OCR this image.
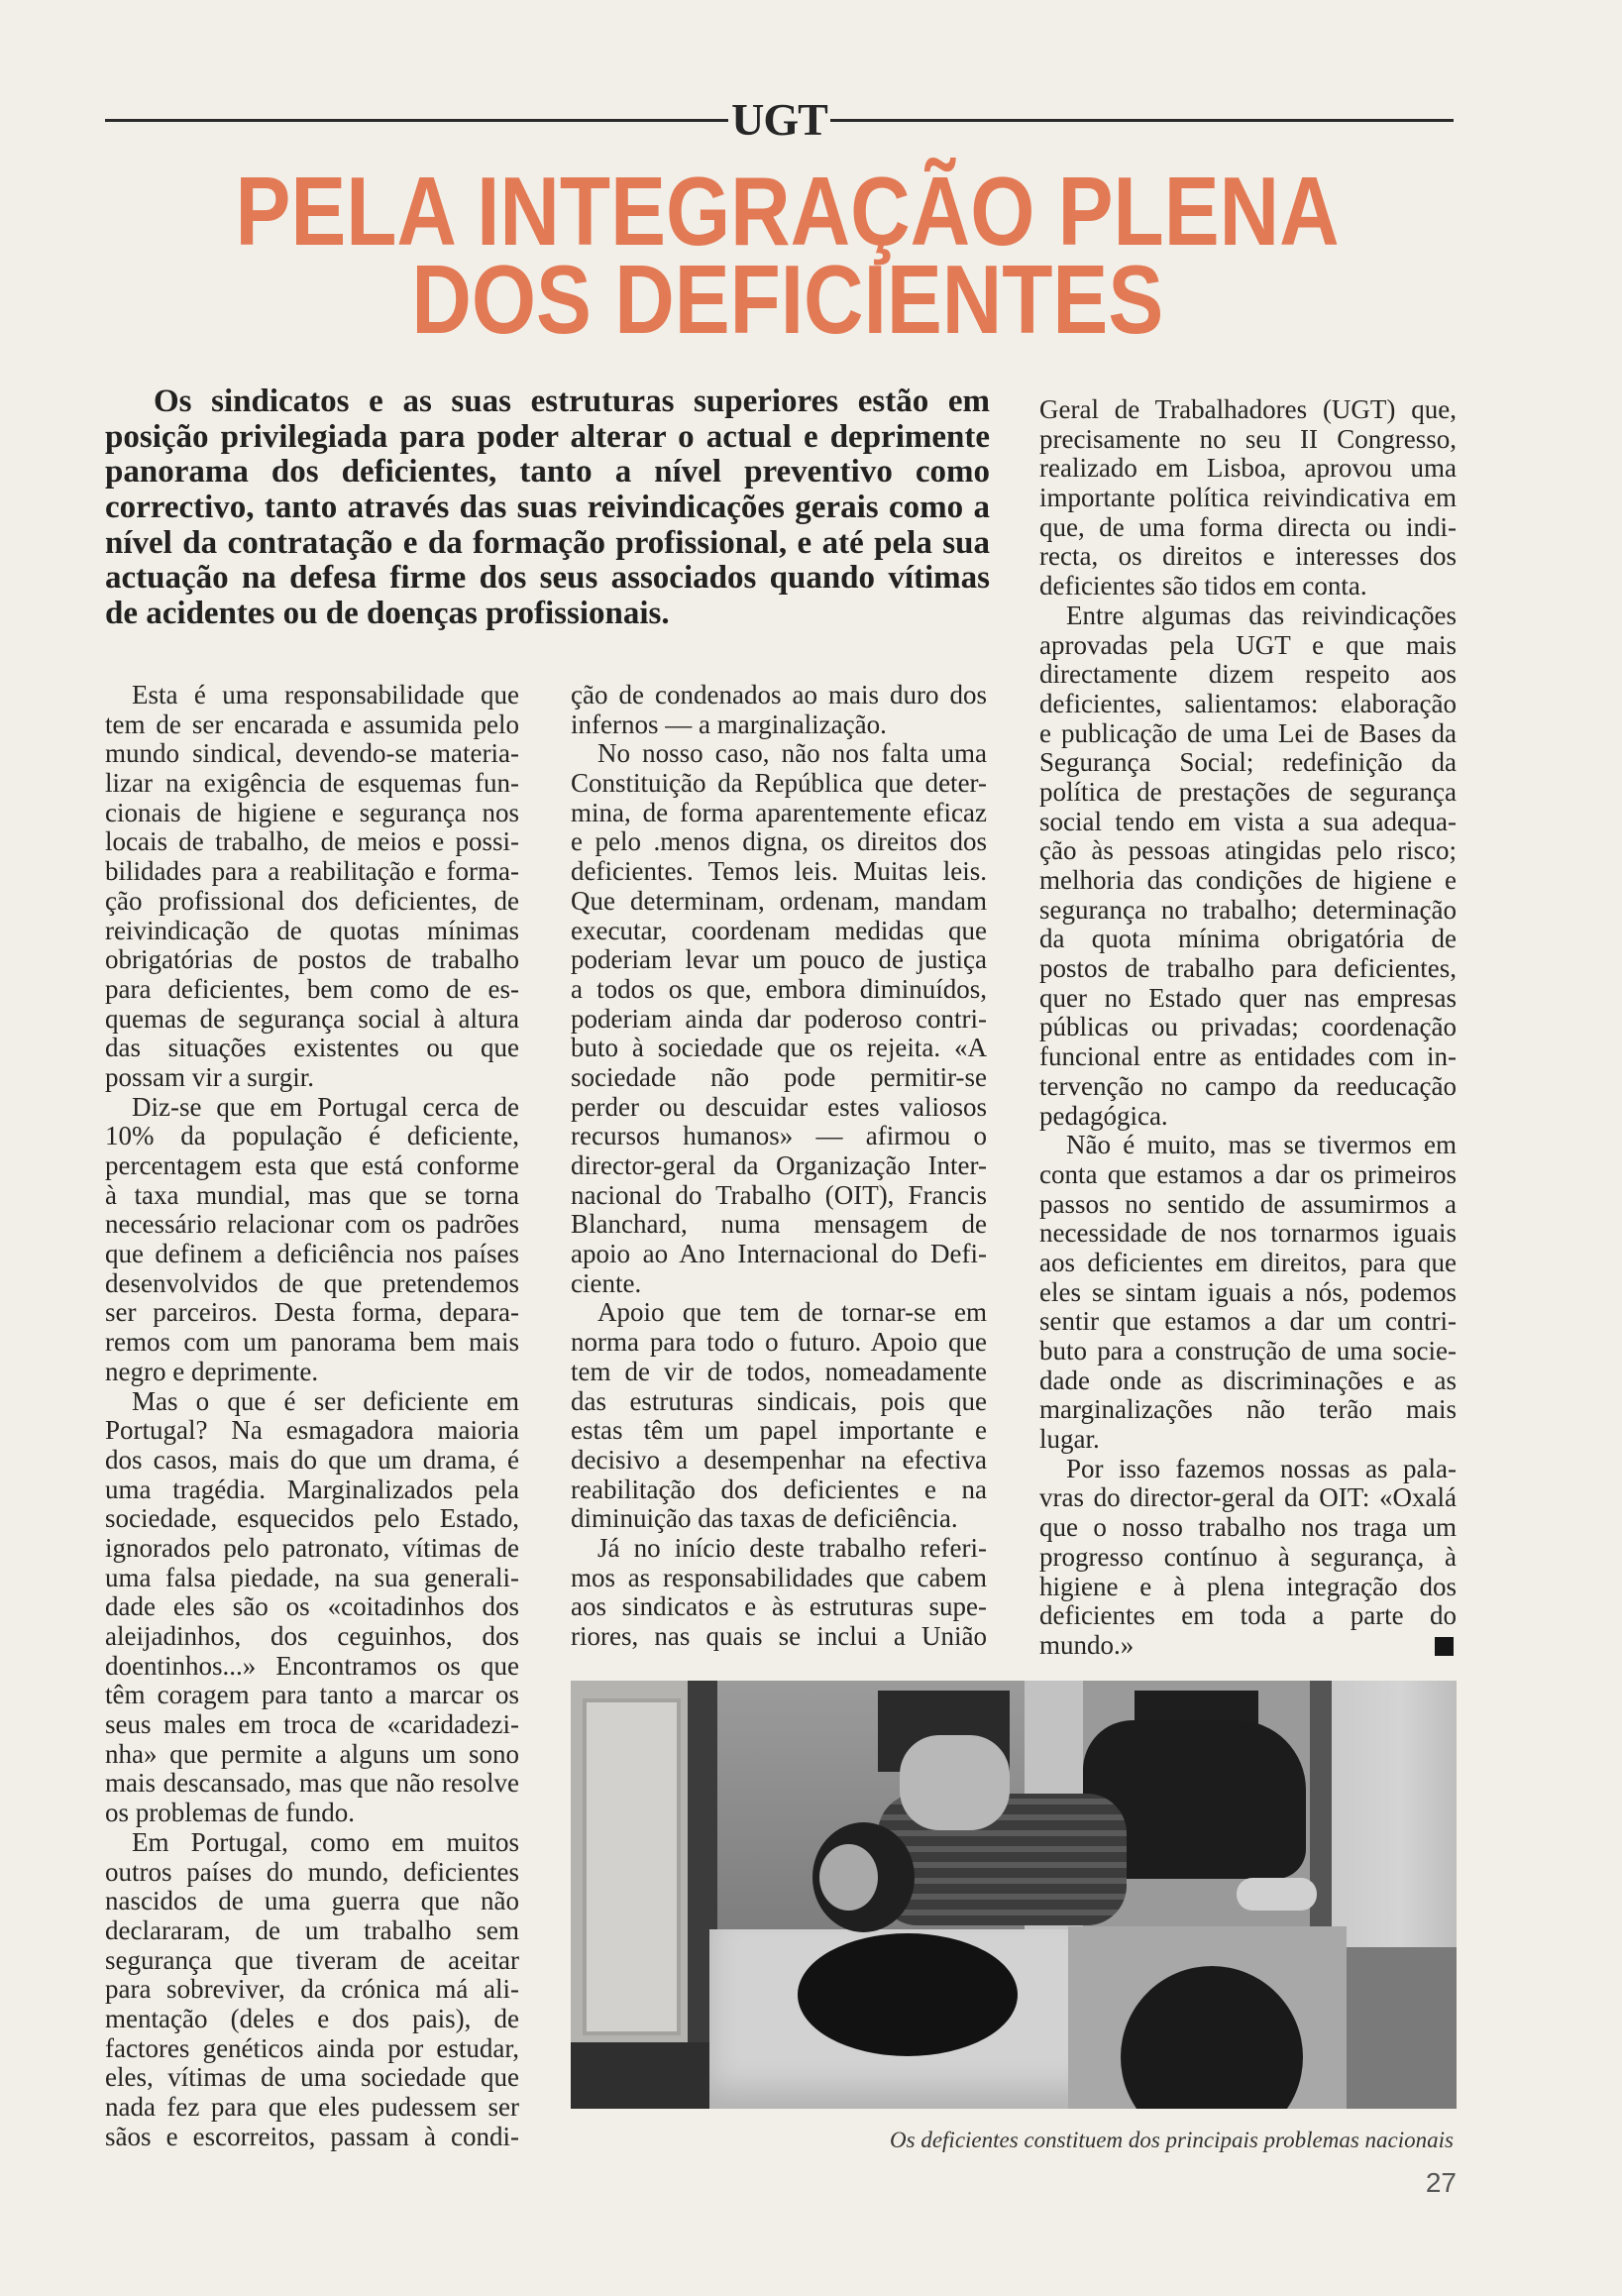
UGT
PELA INTEGRAÇÃO PLENA
DOS DEFICIENTES
Os sindicatos e as suas estruturas superiores estão em
posição privilegiada para poder alterar o actual e deprimente
panorama dos deficientes, tanto a nível preventivo como
correctivo, tanto através das suas reivindicações gerais como a
nível da contratação e da formação profissional, e até pela sua
actuação na defesa firme dos seus associados quando vítimas
de acidentes ou de doenças profissionais.
Esta é uma responsabilidade que
tem de ser encarada e assumida pelo
mundo sindical, devendo-se materia-
lizar na exigência de esquemas fun-
cionais de higiene e segurança nos
locais de trabalho, de meios e possi-
bilidades para a reabilitação e forma-
ção profissional dos deficientes, de
reivindicação de quotas mínimas
obrigatórias de postos de trabalho
para deficientes, bem como de es-
quemas de segurança social à altura
das situações existentes ou que
possam vir a surgir.
Diz-se que em Portugal cerca de
10% da população é deficiente,
percentagem esta que está conforme
à taxa mundial, mas que se torna
necessário relacionar com os padrões
que definem a deficiência nos países
desenvolvidos de que pretendemos
ser parceiros. Desta forma, depara-
remos com um panorama bem mais
negro e deprimente.
Mas o que é ser deficiente em
Portugal? Na esmagadora maioria
dos casos, mais do que um drama, é
uma tragédia. Marginalizados pela
sociedade, esquecidos pelo Estado,
ignorados pelo patronato, vítimas de
uma falsa piedade, na sua generali-
dade eles são os «coitadinhos dos
aleijadinhos, dos ceguinhos, dos
doentinhos...» Encontramos os que
têm coragem para tanto a marcar os
seus males em troca de «caridadezi-
nha» que permite a alguns um sono
mais descansado, mas que não resolve
os problemas de fundo.
Em Portugal, como em muitos
outros países do mundo, deficientes
nascidos de uma guerra que não
declararam, de um trabalho sem
segurança que tiveram de aceitar
para sobreviver, da crónica má ali-
mentação (deles e dos pais), de
factores genéticos ainda por estudar,
eles, vítimas de uma sociedade que
nada fez para que eles pudessem ser
sãos e escorreitos, passam à condi-
ção de condenados ao mais duro dos
infernos — a marginalização.
No nosso caso, não nos falta uma
Constituição da República que deter-
mina, de forma aparentemente eficaz
e pelo .menos digna, os direitos dos
deficientes. Temos leis. Muitas leis.
Que determinam, ordenam, mandam
executar, coordenam medidas que
poderiam levar um pouco de justiça
a todos os que, embora diminuídos,
poderiam ainda dar poderoso contri-
buto à sociedade que os rejeita. «A
sociedade não pode permitir-se
perder ou descuidar estes valiosos
recursos humanos» — afirmou o
director-geral da Organização Inter-
nacional do Trabalho (OIT), Francis
Blanchard, numa mensagem de
apoio ao Ano Internacional do Defi-
ciente.
Apoio que tem de tornar-se em
norma para todo o futuro. Apoio que
tem de vir de todos, nomeadamente
das estruturas sindicais, pois que
estas têm um papel importante e
decisivo a desempenhar na efectiva
reabilitação dos deficientes e na
diminuição das taxas de deficiência.
Já no início deste trabalho referi-
mos as responsabilidades que cabem
aos sindicatos e às estruturas supe-
riores, nas quais se inclui a União
Geral de Trabalhadores (UGT) que,
precisamente no seu II Congresso,
realizado em Lisboa, aprovou uma
importante política reivindicativa em
que, de uma forma directa ou indi-
recta, os direitos e interesses dos
deficientes são tidos em conta.
Entre algumas das reivindicações
aprovadas pela UGT e que mais
directamente dizem respeito aos
deficientes, salientamos: elaboração
e publicação de uma Lei de Bases da
Segurança Social; redefinição da
política de prestações de segurança
social tendo em vista a sua adequa-
ção às pessoas atingidas pelo risco;
melhoria das condições de higiene e
segurança no trabalho; determinação
da quota mínima obrigatória de
postos de trabalho para deficientes,
quer no Estado quer nas empresas
públicas ou privadas; coordenação
funcional entre as entidades com in-
tervenção no campo da reeducação
pedagógica.
Não é muito, mas se tivermos em
conta que estamos a dar os primeiros
passos no sentido de assumirmos a
necessidade de nos tornarmos iguais
aos deficientes em direitos, para que
eles se sintam iguais a nós, podemos
sentir que estamos a dar um contri-
buto para a construção de uma socie-
dade onde as discriminações e as
marginalizações não terão mais
lugar.
Por isso fazemos nossas as pala-
vras do director-geral da OIT: «Oxalá
que o nosso trabalho nos traga um
progresso contínuo à segurança, à
higiene e à plena integração dos
deficientes em toda a parte do
mundo.»
Os deficientes constituem dos principais problemas nacionais
27
